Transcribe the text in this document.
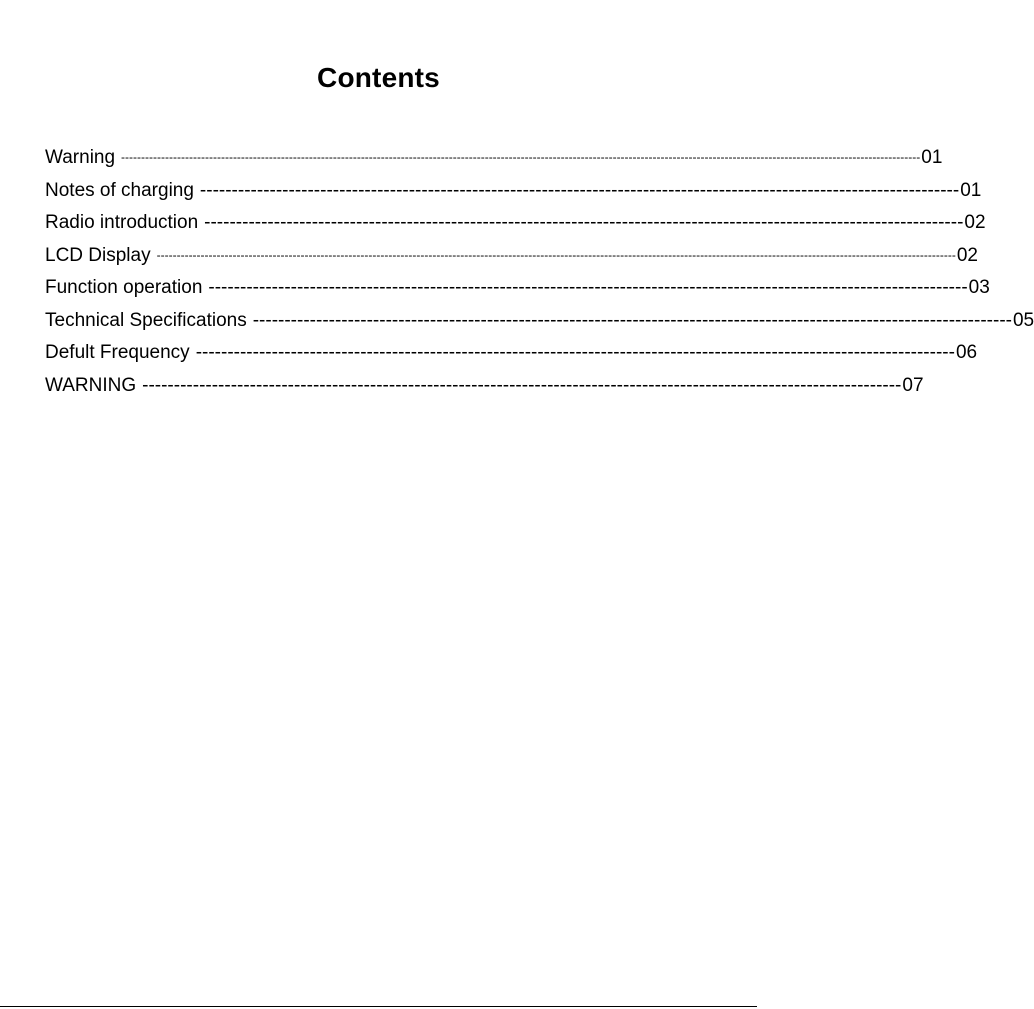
Contents
Warning -------------------------------------------------------------------------------------------------------------------------------------------------------------------------------------------------------- 01
Notes of charging ------------------------------------------------------------------------------------------------------------------------ 01
Radio introduction ------------------------------------------------------------------------------------------------------------------------ 02
LCD Display -------------------------------------------------------------------------------------------------------------------------------------------------------------------------------------------------------- 02
Function operation ------------------------------------------------------------------------------------------------------------------------ 03
Technical Specifications ------------------------------------------------------------------------------------------------------------------------ 05
Defult Frequency ------------------------------------------------------------------------------------------------------------------------ 06
WARNING ------------------------------------------------------------------------------------------------------------------------ 07
